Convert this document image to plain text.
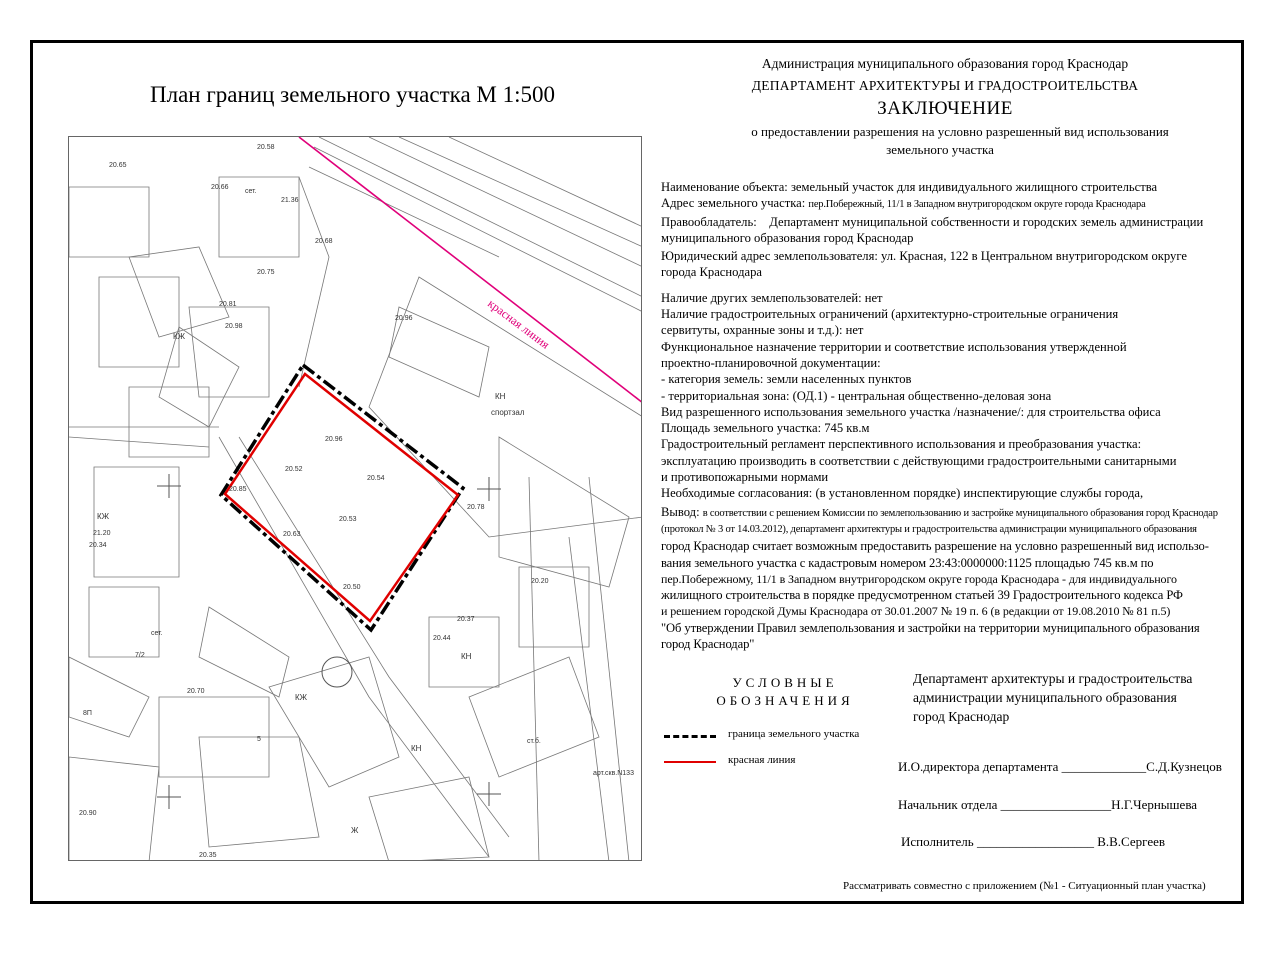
План границ земельного участка М 1:500
красная линия
20.96
20.52
20.54
20.85
20.53
20.63
20.50
20.44
20.37
20.65
20.58
20.66
21.36
20.68
20.75
20.81
20.98
20.96
20.78
20.20
20.70
20.90
20.35
21.20
20.34
сет.
сет.
ст.б.
арт.скв.N133
8П
5
7/2
КЖ
КН
КЖ
КН
КЖ
КН
Ж
спортзал
Администрация муниципального образования город Краснодар
ДЕПАРТАМЕНТ АРХИТЕКТУРЫ И ГРАДОСТРОИТЕЛЬСТВА
ЗАКЛЮЧЕНИЕ
о предоставлении разрешения на условно разрешенный вид использования
земельного участка

Наименование объекта: земельный участок для индивидуального жилищного строительства

Адрес земельного участка: пер.Побережный, 11/1 в Западном внутригородском округе города Краснодара

Правообладатель: Департамент муниципальной собственности и городских земель администрации

муниципального образования город Краснодар

Юридический адрес землепользователя: ул. Красная, 122 в Центральном внутригородском округе

города Краснодара

Наличие других землепользователей: нет

Наличие градостроительных ограничений (архитектурно-строительные ограничения

сервитуты, охранные зоны и т.д.): нет

Функциональное назначение территории и соответствие использования утвержденной

проектно-планировочной документации:

- категория земель: земли населенных пунктов

- территориальная зона: (ОД.1) - центральная общественно-деловая зона

Вид разрешенного использования земельного участка /назначение/: для строительства офиса

Площадь земельного участка: 745 кв.м

Градостроительный регламент перспективного использования и преобразования участка:

эксплуатацию производить в соответствии с действующими градостроительными санитарными

и противопожарными нормами

Необходимые согласования: (в установленном порядке) инспектирующие службы города,

Вывод: в соответствии с решением Комиссии по землепользованию и застройке муниципального образования город Краснодар

(протокол № 3 от 14.03.2012), департамент архитектуры и градостроительства администрации муниципального образования

город Краснодар считает возможным предоставить разрешение на условно разрешенный вид использо-

вания земельного участка с кадастровым номером 23:43:0000000:1125 площадью 745 кв.м по

пер.Побережному, 11/1 в Западном внутригородском округе города Краснодара - для индивидуального

жилищного строительства в порядке предусмотренном статьей 39 Градостроительного кодекса РФ

и решением городской Думы Краснодара от 30.01.2007 № 19 п. 6 (в редакции от 19.08.2010 № 81 п.5)

"Об утверждении Правил землепользования и застройки на территории муниципального образования

город Краснодар"

УСЛОВНЫЕ
ОБОЗНАЧЕНИЯ
граница земельного участка
красная линия
Департамент архитектуры и градостроительства
администрации муниципального образования
город Краснодар
И.О.директора департамента _____________С.Д.Кузнецов
Начальник отдела _________________Н.Г.Чернышева
Исполнитель __________________ В.В.Сергеев
Рассматривать совместно с приложением (№1 - Ситуационный план участка)
